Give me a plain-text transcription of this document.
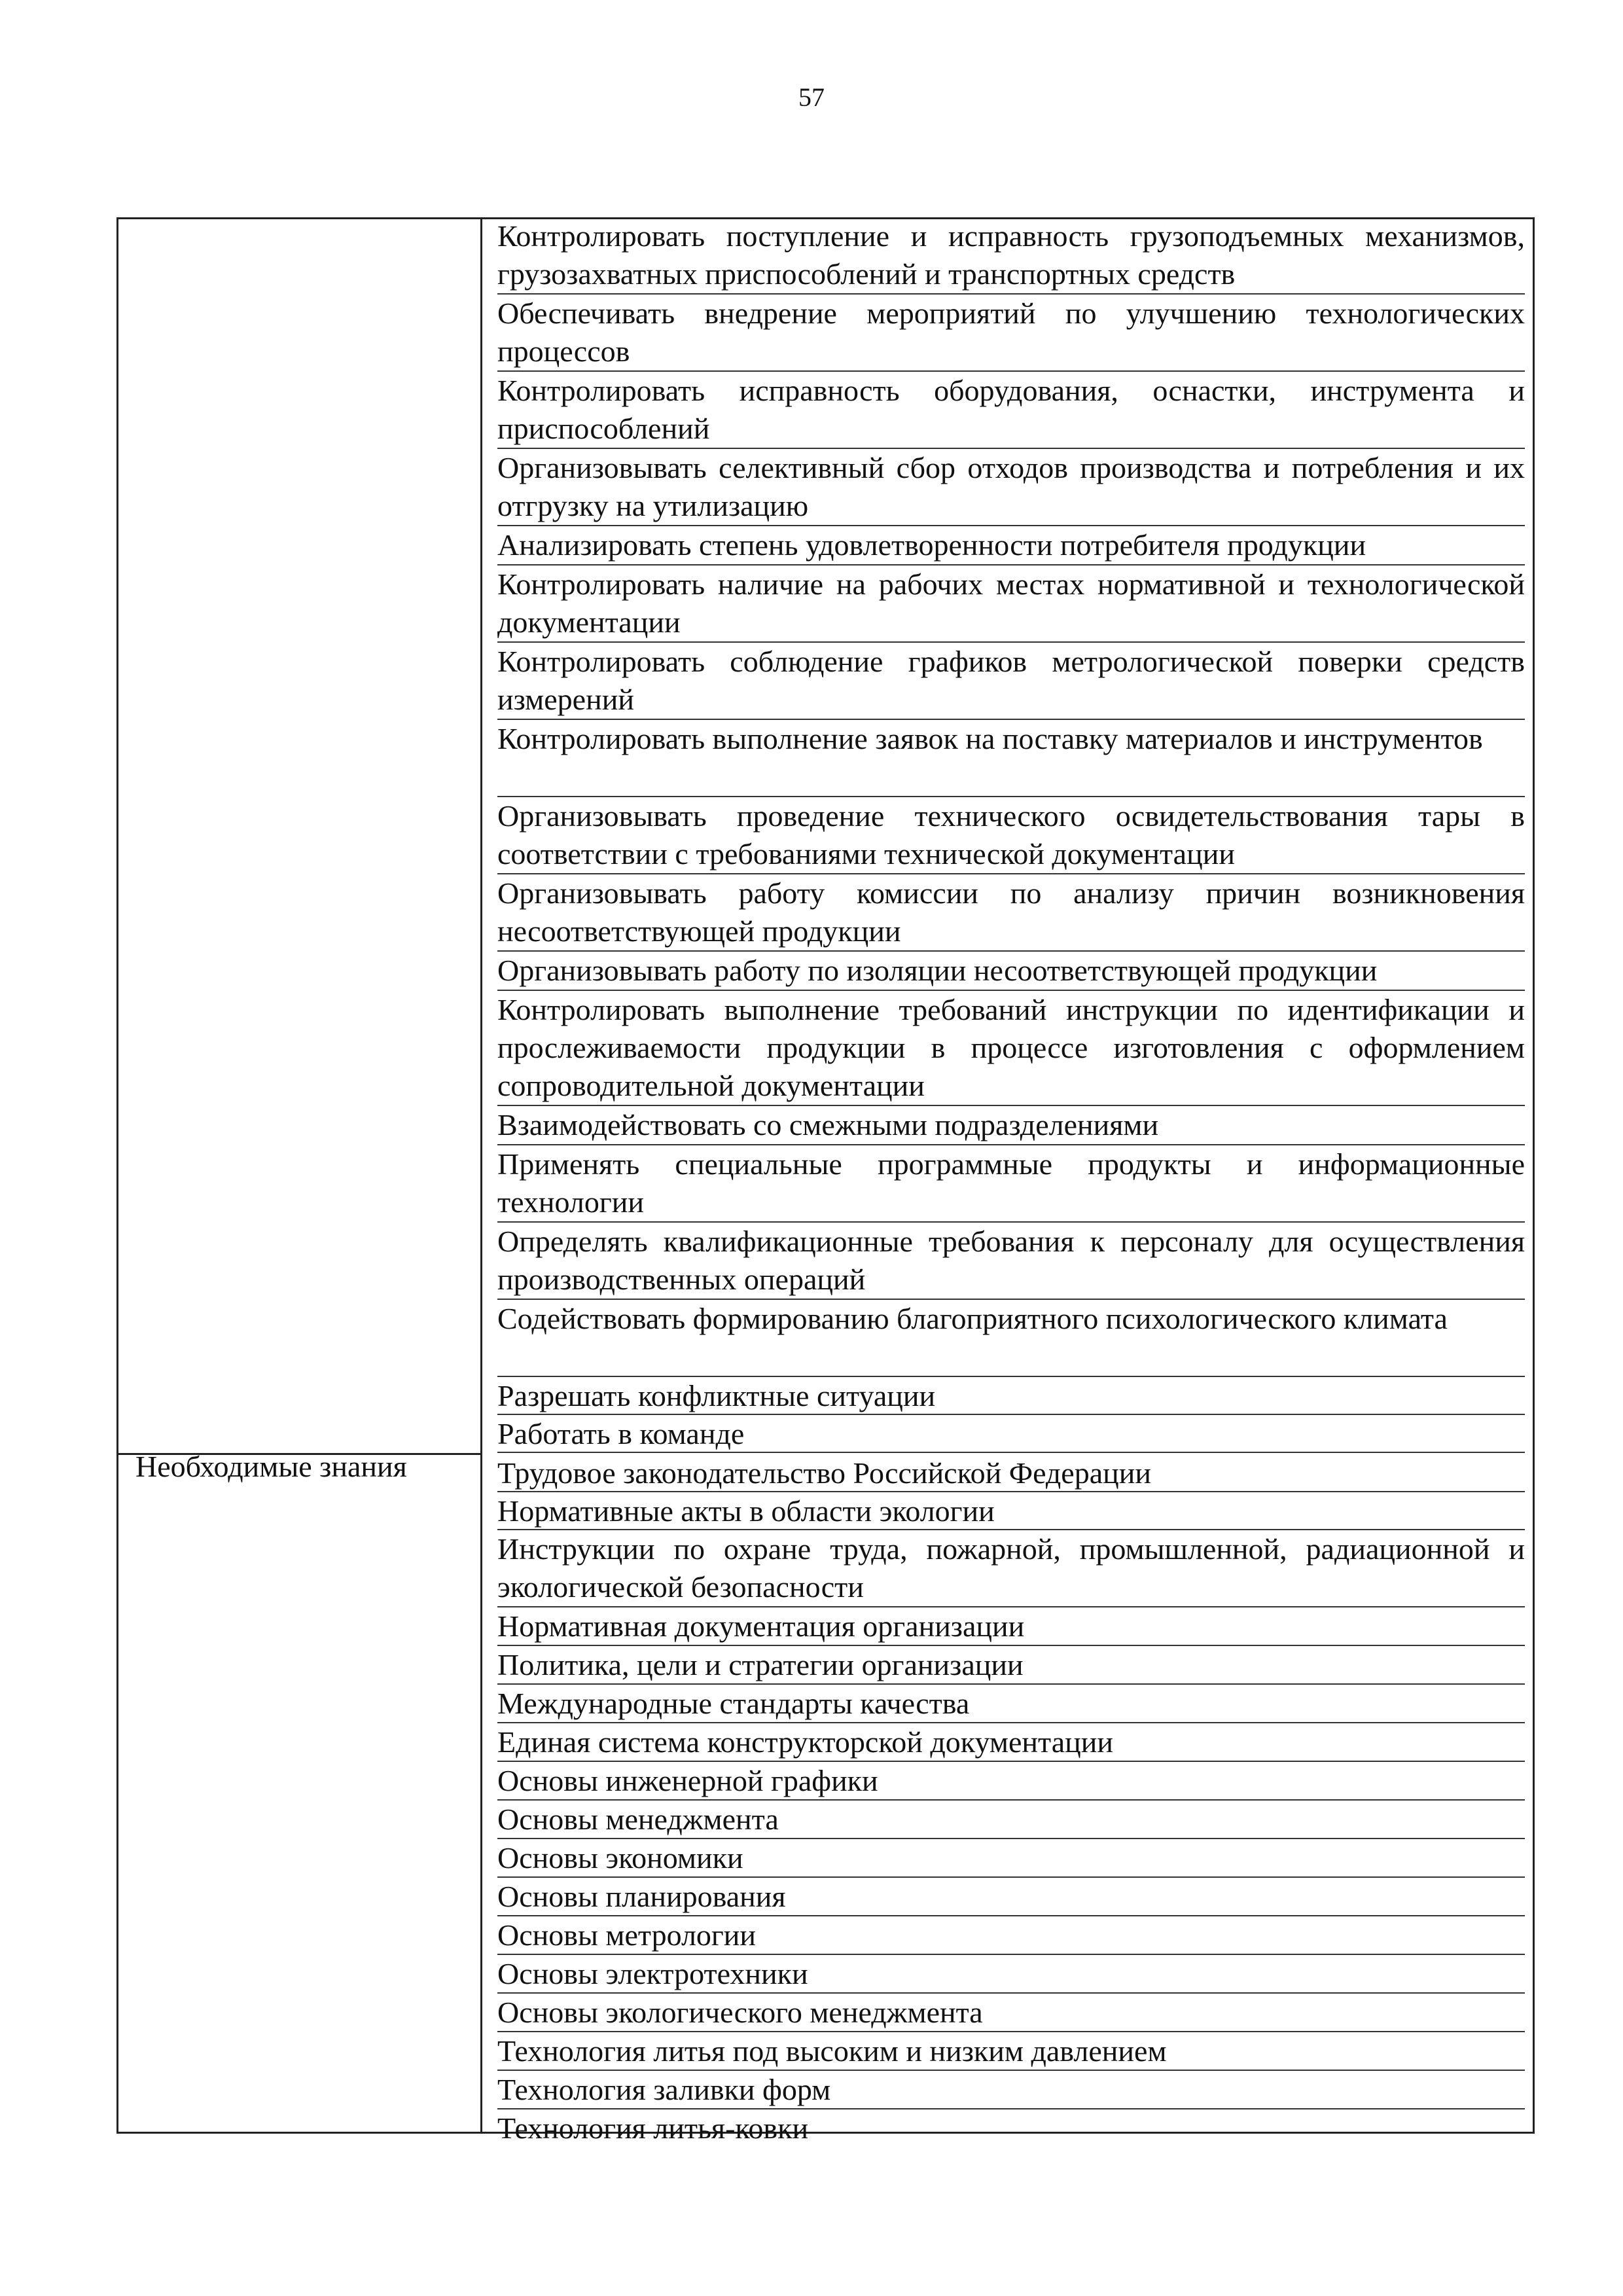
57
Необходимые знания
Контролировать поступление и исправность грузоподъемных механизмов, грузозахватных приспособлений и транспортных средств
Обеспечивать внедрение мероприятий по улучшению технологических процессов
Контролировать исправность оборудования, оснастки, инструмента и приспособлений
Организовывать селективный сбор отходов производства и потребления и их отгрузку на утилизацию
Анализировать степень удовлетворенности потребителя продукции
Контролировать наличие на рабочих местах нормативной и технологической документации
Контролировать соблюдение графиков метрологической поверки средств измерений
Контролировать выполнение заявок на поставку материалов и инструментов
Организовывать проведение технического освидетельствования тары в соответствии с требованиями технической документации
Организовывать работу комиссии по анализу причин возникновения несоответствующей продукции
Организовывать работу по изоляции несоответствующей продукции
Контролировать выполнение требований инструкции по идентификации и прослеживаемости продукции в процессе изготовления с оформлением сопроводительной документации
Взаимодействовать со смежными подразделениями
Применять специальные программные продукты и информационные технологии
Определять квалификационные требования к персоналу для осуществления производственных операций
Содействовать формированию благоприятного психологического климата
Разрешать конфликтные ситуации
Работать в команде
Трудовое законодательство Российской Федерации
Нормативные акты в области экологии
Инструкции по охране труда, пожарной, промышленной, радиационной и экологической безопасности
Нормативная документация организации
Политика, цели и стратегии организации
Международные стандарты качества
Единая система конструкторской документации
Основы инженерной графики
Основы менеджмента
Основы экономики
Основы планирования
Основы метрологии
Основы электротехники
Основы экологического менеджмента
Технология литья под высоким и низким давлением
Технология заливки форм
Технология литья-ковки
